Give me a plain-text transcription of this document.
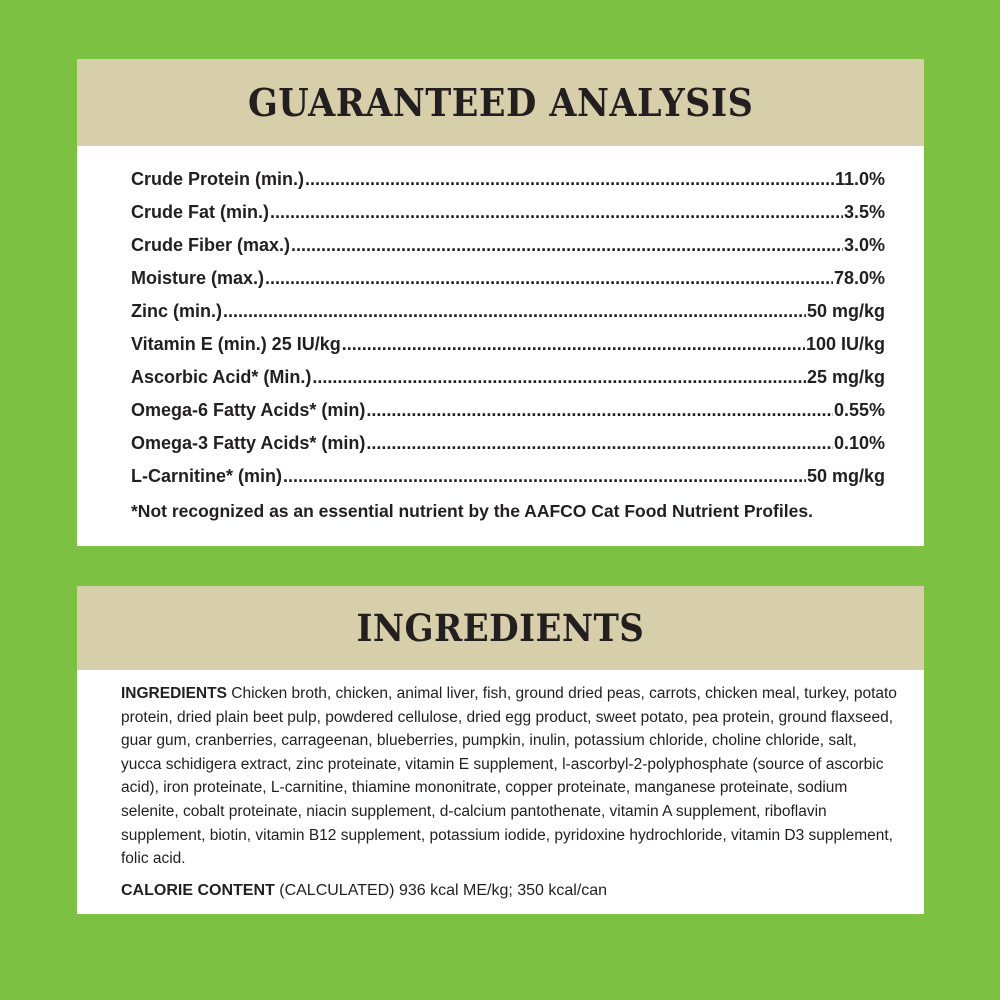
GUARANTEED ANALYSIS
Crude Protein (min.) .....	11.0%
Crude Fat (min.) .....	3.5%
Crude Fiber (max.) .....	3.0%
Moisture (max.) .....	78.0%
Zinc (min.) .....	50 mg/kg
Vitamin E (min.) 25 IU/kg .....	100 IU/kg
Ascorbic Acid* (Min.) .....	25 mg/kg
Omega-6 Fatty Acids* (min) .....	0.55%
Omega-3 Fatty Acids* (min) .....	0.10%
L-Carnitine* (min) .....	50 mg/kg

*Not recognized as an essential nutrient by the AAFCO Cat Food Nutrient Profiles.

INGREDIENTS

INGREDIENTS Chicken broth, chicken, animal liver, fish, ground dried peas, carrots, chicken meal, turkey, potato protein, dried plain beet pulp, powdered cellulose, dried egg product, sweet potato, pea protein, ground flaxseed, guar gum, cranberries, carrageenan, blueberries, pumpkin, inulin, potassium chloride, choline chloride, salt, yucca schidigera extract, zinc proteinate, vitamin E supplement, l-ascorbyl-2-polyphosphate (source of ascorbic acid), iron proteinate, L-carnitine, thiamine mononitrate, copper proteinate, manganese proteinate, sodium selenite, cobalt proteinate, niacin supplement, d-calcium pantothenate, vitamin A supplement, riboflavin supplement, biotin, vitamin B12 supplement, potassium iodide, pyridoxine hydrochloride, vitamin D3 supplement, folic acid.

CALORIE CONTENT (CALCULATED) 936 kcal ME/kg; 350 kcal/can
